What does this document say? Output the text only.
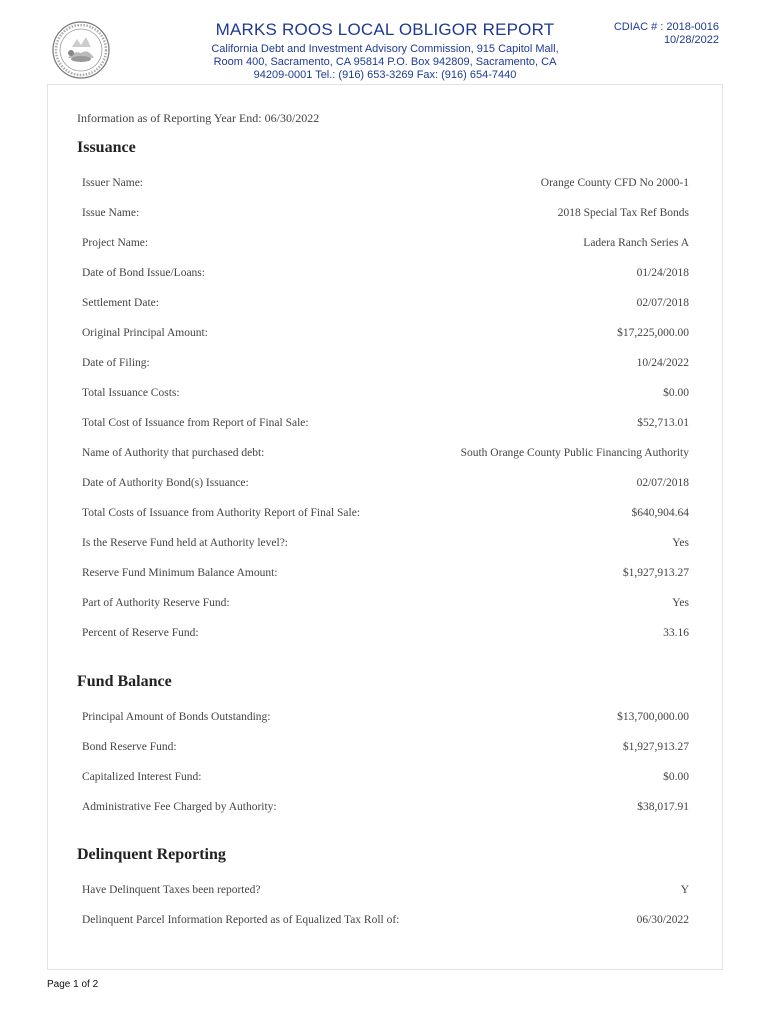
MARKS ROOS LOCAL OBLIGOR REPORT
California Debt and Investment Advisory Commission, 915 Capitol Mall,
Room 400, Sacramento, CA 95814 P.O. Box 942809, Sacramento, CA
94209-0001 Tel.: (916) 653-3269 Fax: (916) 654-7440
CDIAC # : 2018-0016
10/28/2022
Information as of Reporting Year End: 06/30/2022
Issuance
Issuer Name:	Orange County CFD No 2000-1
Issue Name:	2018 Special Tax Ref Bonds
Project Name:	Ladera Ranch Series A
Date of Bond Issue/Loans:	01/24/2018
Settlement Date:	02/07/2018
Original Principal Amount:	$17,225,000.00
Date of Filing:	10/24/2022
Total Issuance Costs:	$0.00
Total Cost of Issuance from Report of Final Sale:	$52,713.01
Name of Authority that purchased debt:	South Orange County Public Financing Authority
Date of Authority Bond(s) Issuance:	02/07/2018
Total Costs of Issuance from Authority Report of Final Sale:	$640,904.64
Is the Reserve Fund held at Authority level?:	Yes
Reserve Fund Minimum Balance Amount:	$1,927,913.27
Part of Authority Reserve Fund:	Yes
Percent of Reserve Fund:	33.16
Fund Balance
Principal Amount of Bonds Outstanding:	$13,700,000.00
Bond Reserve Fund:	$1,927,913.27
Capitalized Interest Fund:	$0.00
Administrative Fee Charged by Authority:	$38,017.91
Delinquent Reporting
Have Delinquent Taxes been reported?	Y
Delinquent Parcel Information Reported as of Equalized Tax Roll of:	06/30/2022
Page 1 of 2
